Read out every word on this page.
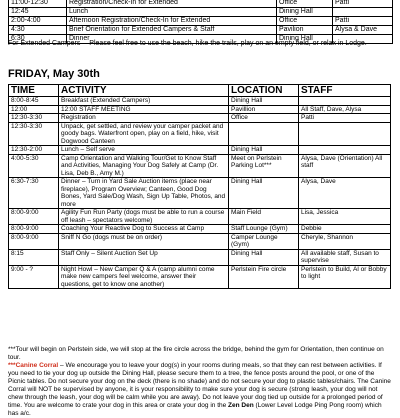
11:00-12:30	Registration/Check-In for Extended	Office	Patti
12:45	Lunch	Dining Hall	
2:00-4:00	Afternoon Registration/Check-In for Extended	Office	Patti
4:30	Brief Orientation for Extended Campers & Staff	Pavilion	Alysa & Dave
6:30	Dinner	Dining Hall	

For Extended Campers —Please feel free to use the beach, hike the trails, play on an empty field, or relax in Lodge.

FRIDAY, May 30th
TIME	ACTIVITY	LOCATION	STAFF
8:00-8:45	Breakfast (Extended Campers)	Dining Hall	
12:00	12:00 STAFF MEETING	Pavillion	All Staff, Dave, Alysa
12:30-3:30	Registration	Office	Patti
12:30-3:30	Unpack, get settled, and review your camper packet and goody bags. Waterfront open, play on a field, hike, visit Dogwood Canteen		
12:30-2:00	Lunch – Self serve	Dining Hall	
4:00-5:30	Camp Orientation and Walking Tour/Get to Know Staff and Activities, Managing Your Dog Safely at Camp (Dr. Lisa, Deb B., Amy M.)	Meet on Perlstein Parking Lot***	Alysa, Dave (Orientation) All staff
6:30-7:30	Dinner – Turn in Yard Sale Auction items (place near fireplace), Program Overview; Canteen, Good Dog Bones, Yard Sale/Dog Wash, Sign Up Table, Photos, and more	Dining Hall	Alysa, Dave
8:00-9:00	Agility Fun Run Party (dogs must be able to run a course off leash – spectators welcome)	Main Field	Lisa, Jessica
8:00-9:00	Coaching Your Reactive Dog to Success at Camp	Staff Lounge (Gym)	Debbie
8:00-9:00	Sniff N Go (dogs must be on order)	Camper Lounge (Gym)	Cheryle, Shannon
8:15	Staff Only – Silent Auction Set Up	Dining Hall	All available staff, Susan to supervise
9:00 - ?	Night Howl – New Camper Q & A (camp alumni come make new campers feel welcome, answer their questions, get to know one another)	Perlstein Fire circle	Perlstein to Build, Al or Bobby to light

***Tour will begin on Perlstein side, we will stop at the fire circle across the bridge, behind the gym for Orientation, then continue on tour.

***Canine Corral – We encourage you to leave your dog(s) in your rooms during meals, so that they can rest between activities. If you need to tie your dog up outside the Dining Hall, please secure them to a tree, the fence posts around the pool, or one of the Picnic tables. Do not secure your dog on the deck (there is no shade) and do not secure your dog to plastic tables/chairs. The Canine Corral will NOT be supervised by anyone, it is your responsibility to make sure your dog is secure (strong leash, your dog will not chew through the leash, your dog will be calm while you are away). Do not leave your dog tied up outside for a prolonged period of time. You are welcome to crate your dog in this area or crate your dog in the Zen Den (Lower Level Lodge Ping Pong room) which has a/c.
